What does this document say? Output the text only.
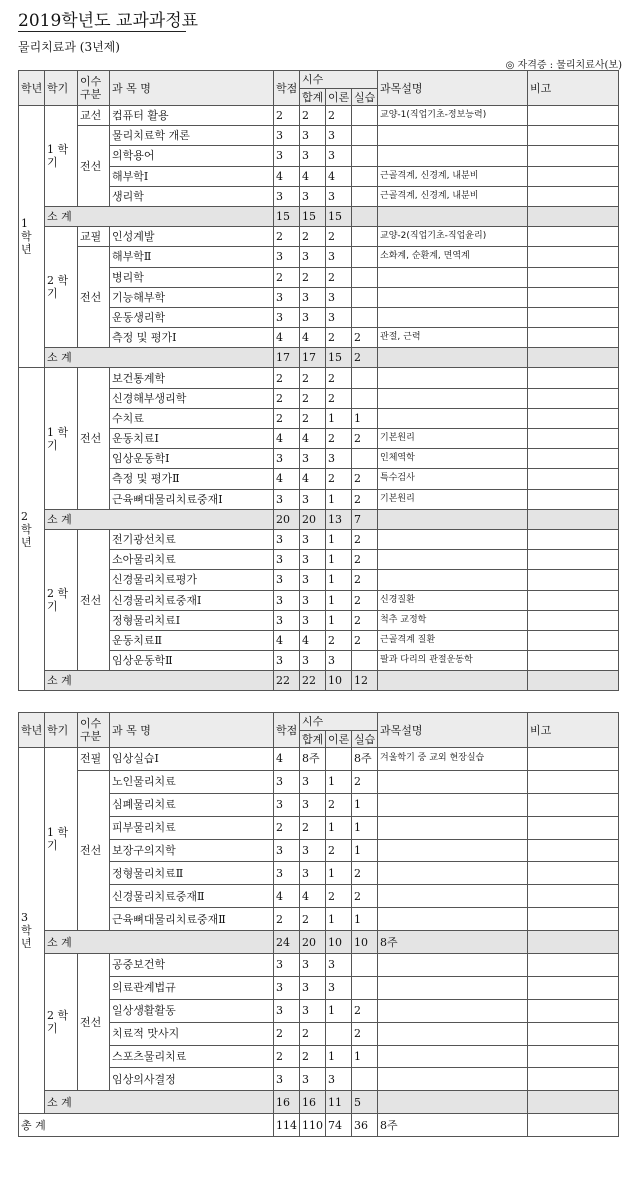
2019학년도 교과과정표
물리치료과 (3년제)
◎ 자격증 : 물리치료사(보)
학년	학기	이수 구분	과 목 명	학점	시수			과목설명	비고
					합계	이론	실습		
1 학 년	1 학 기	교선	컴퓨터 활용	2	2	2		교양-1(직업기초-정보능력)	
		전선	물리치료학 개론	3	3	3			
			의학용어	3	3	3			
			해부학Ⅰ	4	4	4		근골격계, 신경계, 내분비	
			생리학	3	3	3		근골격계, 신경계, 내분비	
	소 계			15	15	15			
	2 학 기	교필	인성계발	2	2	2		교양-2(직업기초-직업윤리)	
		전선	해부학Ⅱ	3	3	3		소화계, 순환계, 면역계	
			병리학	2	2	2			
			기능해부학	3	3	3			
			운동생리학	3	3	3			
			측정 및 평가Ⅰ	4	4	2	2	관절, 근력	
	소 계			17	17	15	2		
2 학 년	1 학 기	전선	보건통계학	2	2	2			
			신경해부생리학	2	2	2			
			수치료	2	2	1	1		
			운동치료Ⅰ	4	4	2	2	기본원리	
			임상운동학Ⅰ	3	3	3		인체역학	
			측정 및 평가Ⅱ	4	4	2	2	특수검사	
			근육뼈대물리치료중재Ⅰ	3	3	1	2	기본원리	
	소 계			20	20	13	7		
	2 학 기	전선	전기광선치료	3	3	1	2		
			소아물리치료	3	3	1	2		
			신경물리치료평가	3	3	1	2		
			신경물리치료중재Ⅰ	3	3	1	2	신경질환	
			정형물리치료Ⅰ	3	3	1	2	척추 교정학	
			운동치료Ⅱ	4	4	2	2	근골격계 질환	
			임상운동학Ⅱ	3	3	3		팔과 다리의 관절운동학	
	소 계			22	22	10	12		
학년	학기	이수 구분	과 목 명	학점	시수			과목설명	비고
					합계	이론	실습		
3 학 년	1 학 기	전필	임상실습Ⅰ	4	8주		8주	겨울학기 중 교외 현장실습	
		전선	노인물리치료	3	3	1	2		
			심폐물리치료	3	3	2	1		
			피부물리치료	2	2	1	1		
			보장구의지학	3	3	2	1		
			정형물리치료Ⅱ	3	3	1	2		
			신경물리치료중재Ⅱ	4	4	2	2		
			근육뼈대물리치료중재Ⅱ	2	2	1	1		
	소 계			24	20	10	10	8주	
	2 학 기	전선	공중보건학	3	3	3			
			의료관계법규	3	3	3			
			일상생활활동	3	3	1	2		
			치료적 맛사지	2	2		2		
			스포츠물리치료	2	2	1	1		
			임상의사결정	3	3	3			
	소 계			16	16	11	5		
총 계				114	110	74	36	8주	
